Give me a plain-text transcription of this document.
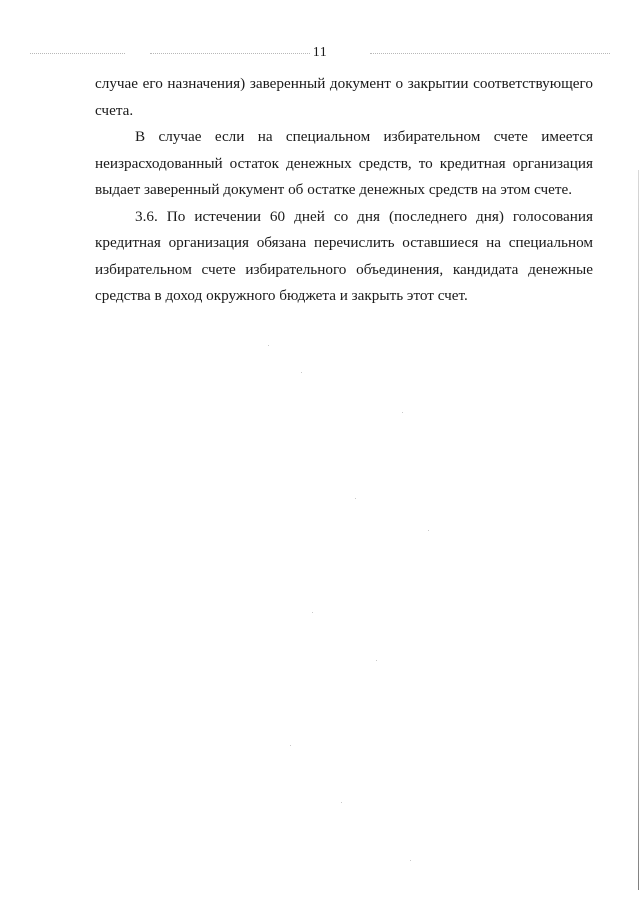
11

случае его назначения) заверенный документ о закрытии соответствующего счета.

В случае если на специальном избирательном счете имеется неизрасходованный остаток денежных средств, то кредитная организация выдает заверенный документ об остатке денежных средств на этом счете.

3.6. По истечении 60 дней со дня (последнего дня) голосования кредитная организация обязана перечислить оставшиеся на специальном избирательном счете избирательного объединения, кандидата денежные средства в доход окружного бюджета и закрыть этот счет.
